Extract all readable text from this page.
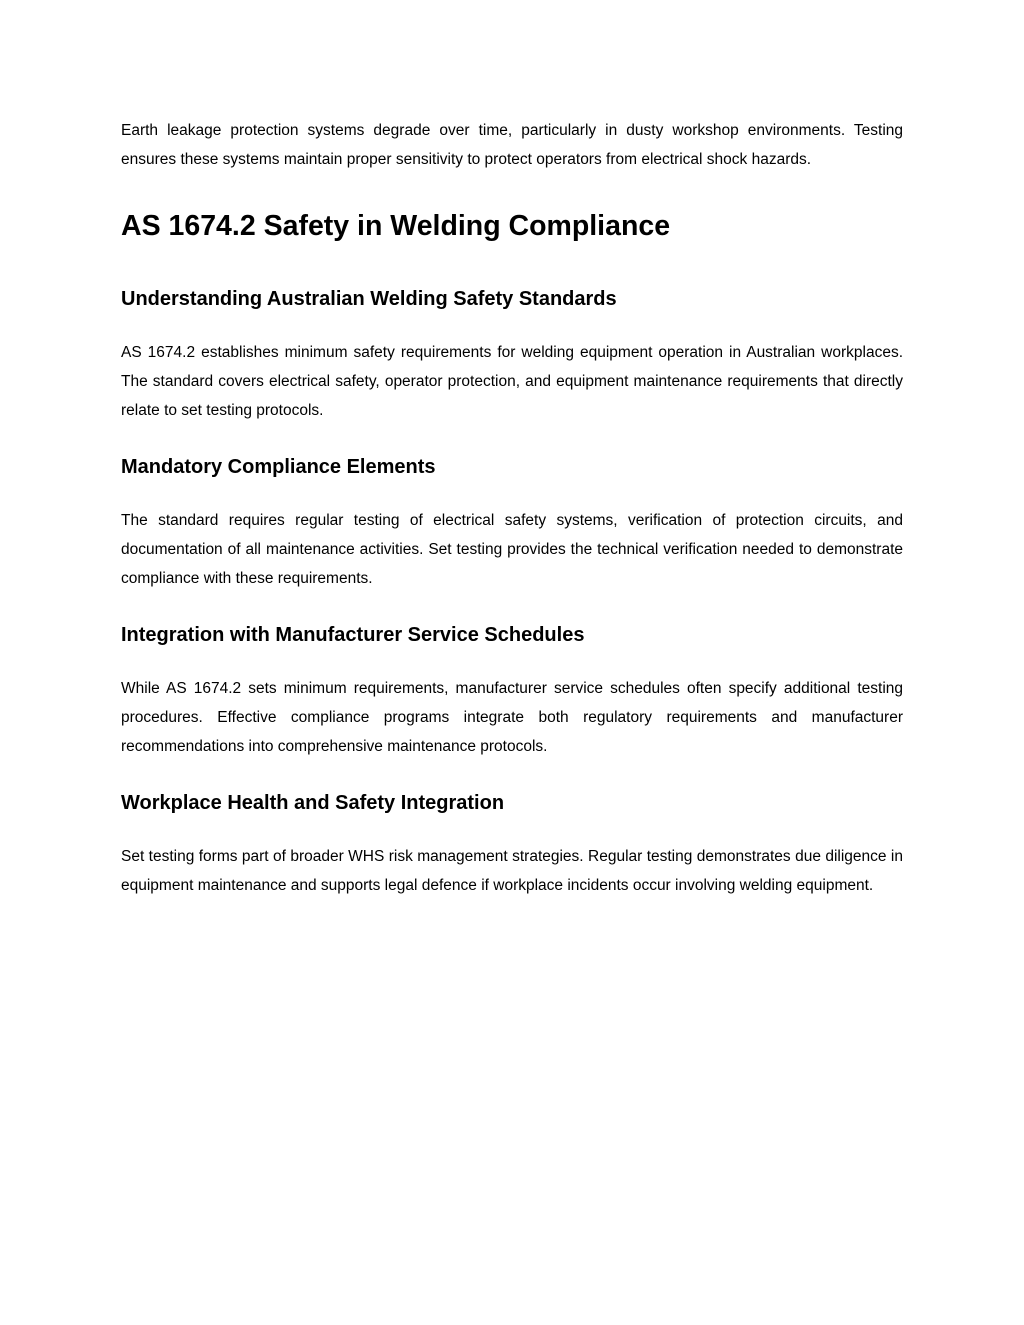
Earth leakage protection systems degrade over time, particularly in dusty workshop environments. Testing ensures these systems maintain proper sensitivity to protect operators from electrical shock hazards.

AS 1674.2 Safety in Welding Compliance
Understanding Australian Welding Safety Standards

AS 1674.2 establishes minimum safety requirements for welding equipment operation in Australian workplaces. The standard covers electrical safety, operator protection, and equipment maintenance requirements that directly relate to set testing protocols.

Mandatory Compliance Elements

The standard requires regular testing of electrical safety systems, verification of protection circuits, and documentation of all maintenance activities. Set testing provides the technical verification needed to demonstrate compliance with these requirements.

Integration with Manufacturer Service Schedules

While AS 1674.2 sets minimum requirements, manufacturer service schedules often specify additional testing procedures. Effective compliance programs integrate both regulatory requirements and manufacturer recommendations into comprehensive maintenance protocols.

Workplace Health and Safety Integration

Set testing forms part of broader WHS risk management strategies. Regular testing demonstrates due diligence in equipment maintenance and supports legal defence if workplace incidents occur involving welding equipment.
